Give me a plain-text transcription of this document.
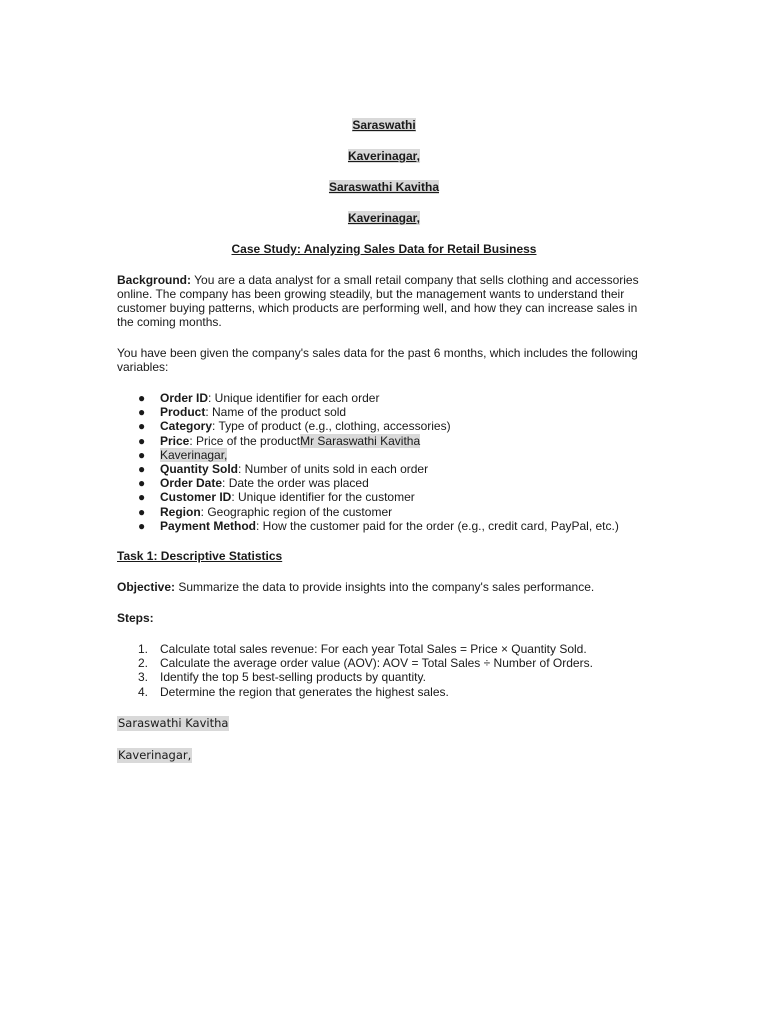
Saraswathi
Kaverinagar,
Saraswathi Kavitha
Kaverinagar,
Case Study: Analyzing Sales Data for Retail Business
Background: You are a data analyst for a small retail company that sells clothing and accessories online. The company has been growing steadily, but the management wants to understand their customer buying patterns, which products are performing well, and how they can increase sales in the coming months.
You have been given the company's sales data for the past 6 months, which includes the following variables:
● Order ID: Unique identifier for each order
● Product: Name of the product sold
● Category: Type of product (e.g., clothing, accessories)
● Price: Price of the productMr Saraswathi Kavitha
● Kaverinagar,
● Quantity Sold: Number of units sold in each order
● Order Date: Date the order was placed
● Customer ID: Unique identifier for the customer
● Region: Geographic region of the customer
● Payment Method: How the customer paid for the order (e.g., credit card, PayPal, etc.)
Task 1: Descriptive Statistics
Objective: Summarize the data to provide insights into the company's sales performance.
Steps:
1. Calculate total sales revenue: For each year Total Sales = Price × Quantity Sold.
2. Calculate the average order value (AOV): AOV = Total Sales ÷ Number of Orders.
3. Identify the top 5 best-selling products by quantity.
4. Determine the region that generates the highest sales.
Saraswathi Kavitha
Kaverinagar,
